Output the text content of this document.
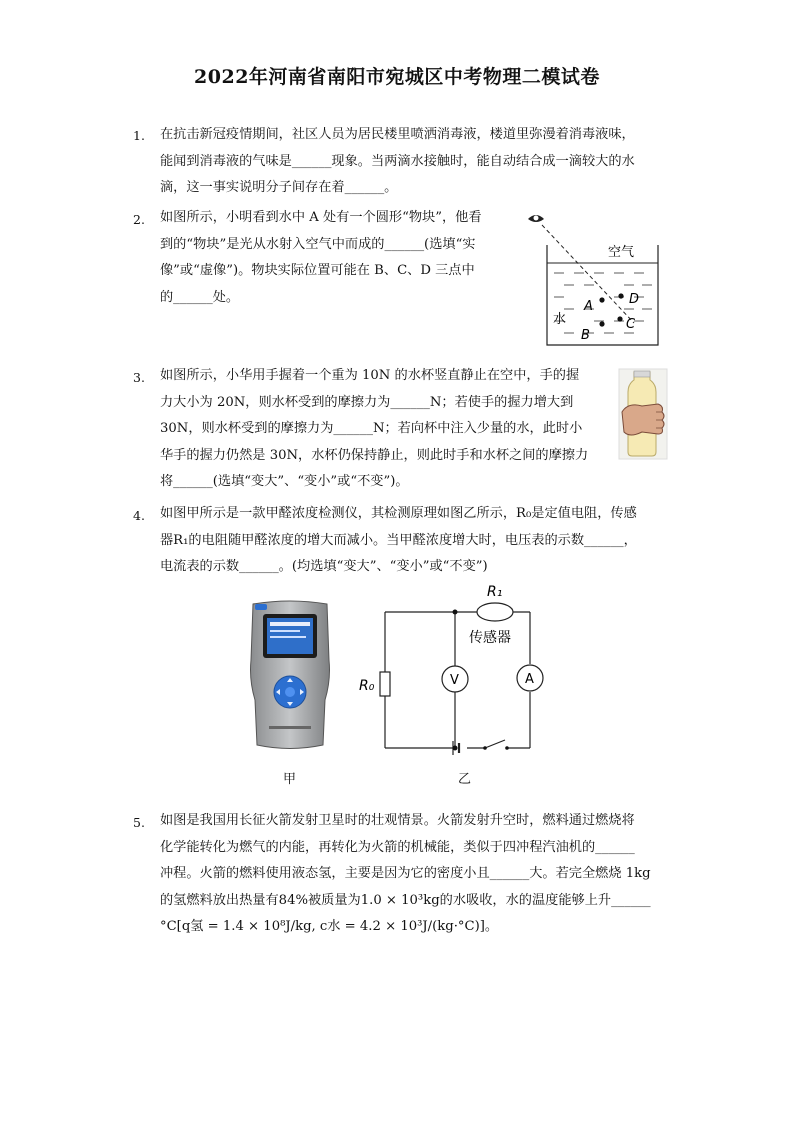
2022年河南省南阳市宛城区中考物理二模试卷
1. 在抗击新冠疫情期间，社区人员为居民楼里喷洒消毒液，楼道里弥漫着消毒液味，

能闻到消毒液的气味是______现象。当两滴水接触时，能自动结合成一滴较大的水

滴，这一事实说明分子间存在着______。

2. 如图所示，小明看到水中 A 处有一个圆形“物块”，他看

到的“物块”是光从水射入空气中而成的______(选填“实

像”或“虚像”)。物块实际位置可能在 B、C、D 三点中

的______处。

空气
水
A
B
C
D
3. 如图所示，小华用手握着一个重为 10N 的水杯竖直静止在空中，手的握

力大小为 20N，则水杯受到的摩擦力为______N；若使手的握力增大到

30N，则水杯受到的摩擦力为______N；若向杯中注入少量的水，此时小

华手的握力仍然是 30N，水杯仍保持静止，则此时手和水杯之间的摩擦力

将______(选填“变大”、“变小”或“不变”)。

4. 如图甲所示是一款甲醛浓度检测仪，其检测原理如图乙所示，R₀是定值电阻，传感

器R₁的电阻随甲醛浓度的增大而减小。当甲醛浓度增大时，电压表的示数______，

电流表的示数______。(均选填“变大”、“变小”或“不变”)

甲
R₁
传感器
R₀	V	A
乙
5. 如图是我国用长征火箭发射卫星时的壮观情景。火箭发射升空时，燃料通过燃烧将

化学能转化为燃气的内能，再转化为火箭的机械能，类似于四冲程汽油机的______

冲程。火箭的燃料使用液态氢，主要是因为它的密度小且______大。若完全燃烧 1kg

的氢燃料放出热量有84%被质量为1.0 × 10³kg的水吸收，水的温度能够上升______

°C[q氢 = 1.4 × 10⁸J/kg, c水 = 4.2 × 10³J/(kg·°C)]。
